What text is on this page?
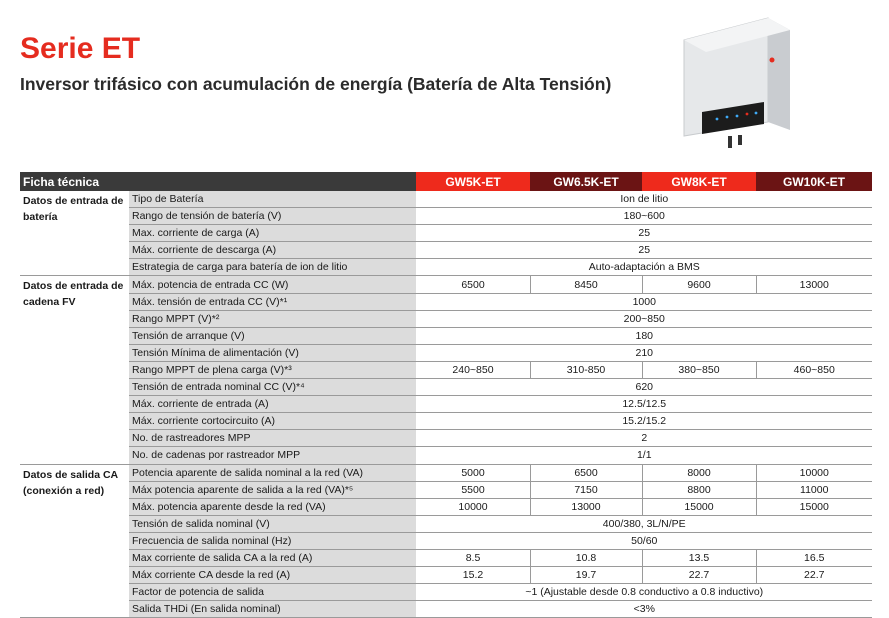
Serie ET
Inversor trifásico con acumulación de energía (Batería de Alta Tensión)
Ficha técnica		GW5K-ET	GW6.5K-ET	GW8K-ET	GW10K-ET
Datos de entrada de batería	Tipo de Batería	Ion de litio			
	Rango de tensión de batería (V)	180~600			
	Max. corriente de carga (A)	25			
	Máx. corriente de descarga (A)	25			
	Estrategia de carga para batería de ion de litio	Auto-adaptación a BMS			
Datos de entrada de cadena FV	Máx. potencia de entrada CC (W)	6500	8450	9600	13000
	Máx. tensión de entrada CC (V)*¹	1000			
	Rango MPPT (V)*²	200~850			
	Tensión de arranque (V)	180			
	Tensión Mínima de alimentación (V)	210			
	Rango MPPT de plena carga (V)*³	240~850	310-850	380~850	460~850
	Tensión de entrada nominal CC (V)*⁴	620			
	Máx. corriente de entrada (A)	12.5/12.5			
	Máx. corriente cortocircuito (A)	15.2/15.2			
	No. de rastreadores MPP	2			
	No. de cadenas por rastreador MPP	1/1			
Datos de salida CA (conexión a red)	Potencia aparente de salida nominal a la red (VA)	5000	6500	8000	10000
	Máx potencia aparente de salida a la red (VA)*⁵	5500	7150	8800	11000
	Máx. potencia aparente desde la red (VA)	10000	13000	15000	15000
	Tensión de salida nominal (V)	400/380, 3L/N/PE			
	Frecuencia de salida nominal (Hz)	50/60			
	Max corriente de salida CA a la red (A)	8.5	10.8	13.5	16.5
	Máx corriente CA desde la red (A)	15.2	19.7	22.7	22.7
	Factor de potencia de salida	~1 (Ajustable desde 0.8 conductivo a 0.8 inductivo)			
	Salida THDi (En salida nominal)	<3%			
